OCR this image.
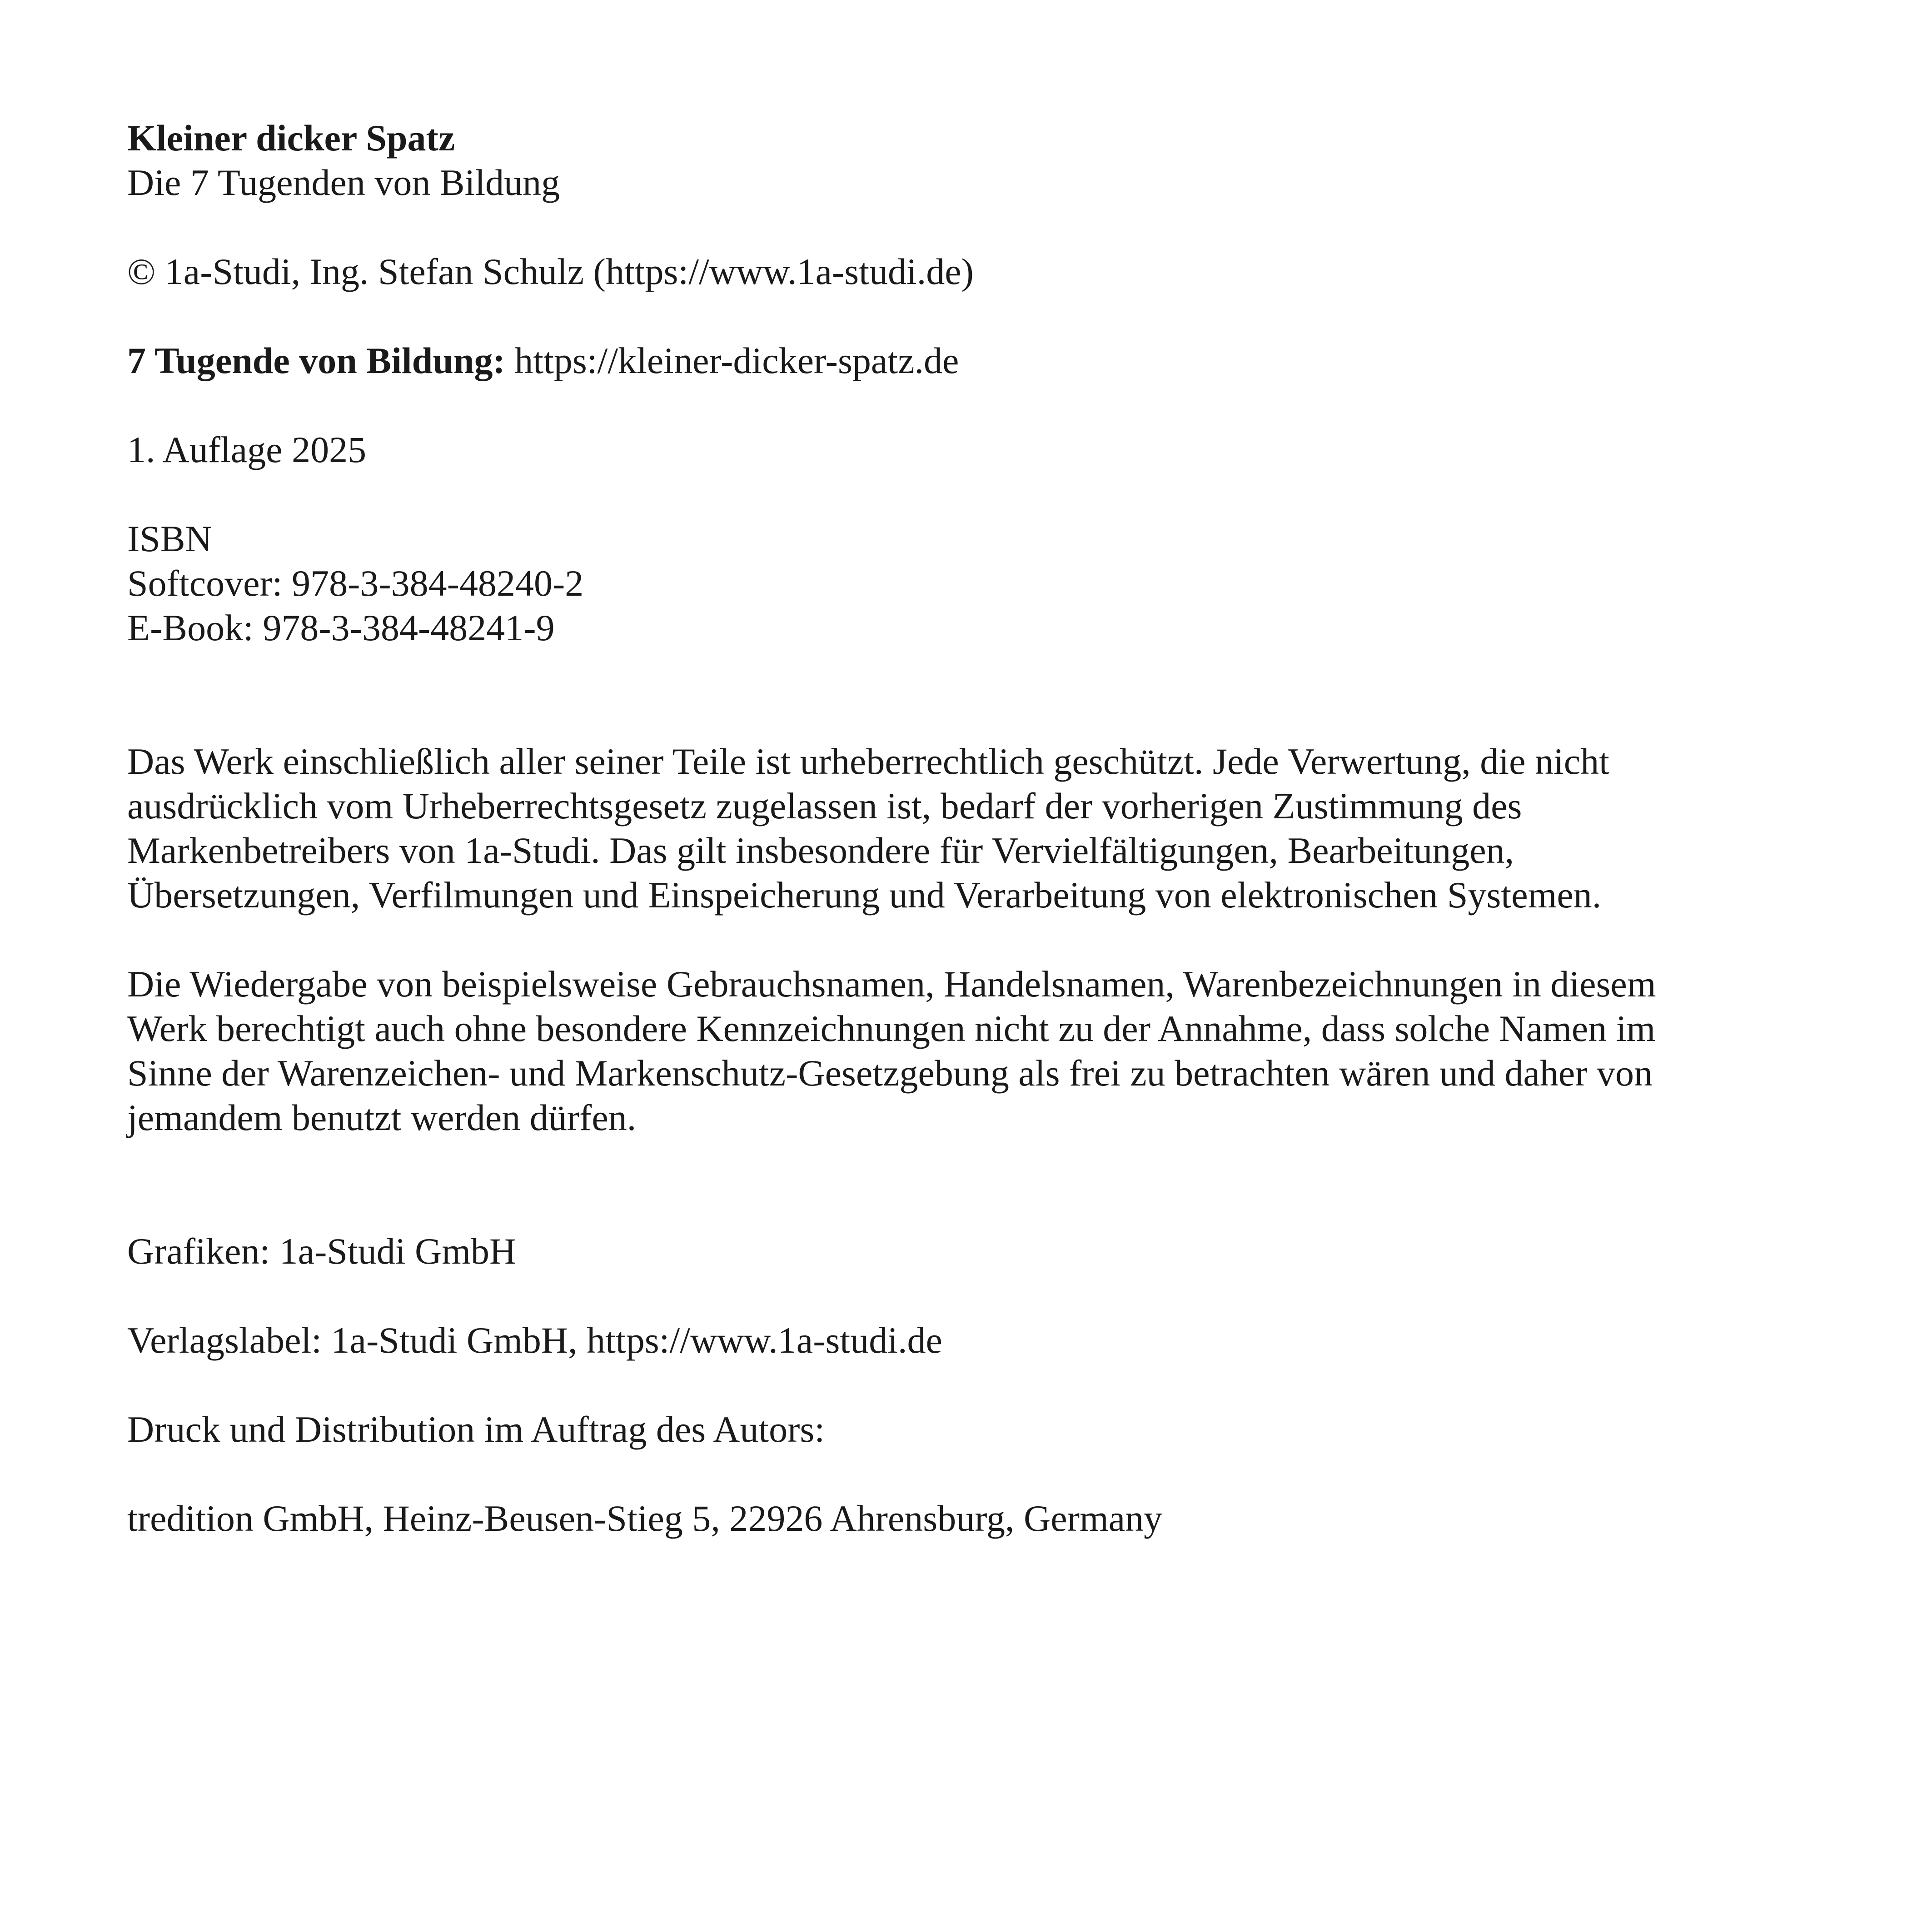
Kleiner dicker Spatz
Die 7 Tugenden von Bildung
© 1a-Studi, Ing. Stefan Schulz (https://www.1a-studi.de)
7 Tugende von Bildung: https://kleiner-dicker-spatz.de
1. Auflage 2025
ISBN
Softcover: 978-3-384-48240-2
E-Book: 978-3-384-48241-9
Das Werk einschließlich aller seiner Teile ist urheberrechtlich geschützt. Jede Verwertung, die nicht
ausdrücklich vom Urheberrechtsgesetz zugelassen ist, bedarf der vorherigen Zustimmung des
Markenbetreibers von 1a-Studi. Das gilt insbesondere für Vervielfältigungen, Bearbeitungen,
Übersetzungen, Verfilmungen und Einspeicherung und Verarbeitung von elektronischen Systemen.
Die Wiedergabe von beispielsweise Gebrauchsnamen, Handelsnamen, Warenbezeichnungen in diesem
Werk berechtigt auch ohne besondere Kennzeichnungen nicht zu der Annahme, dass solche Namen im
Sinne der Warenzeichen- und Markenschutz-Gesetzgebung als frei zu betrachten wären und daher von
jemandem benutzt werden dürfen.
Grafiken: 1a-Studi GmbH
Verlagslabel: 1a-Studi GmbH, https://www.1a-studi.de
Druck und Distribution im Auftrag des Autors:
tredition GmbH, Heinz-Beusen-Stieg 5, 22926 Ahrensburg, Germany
